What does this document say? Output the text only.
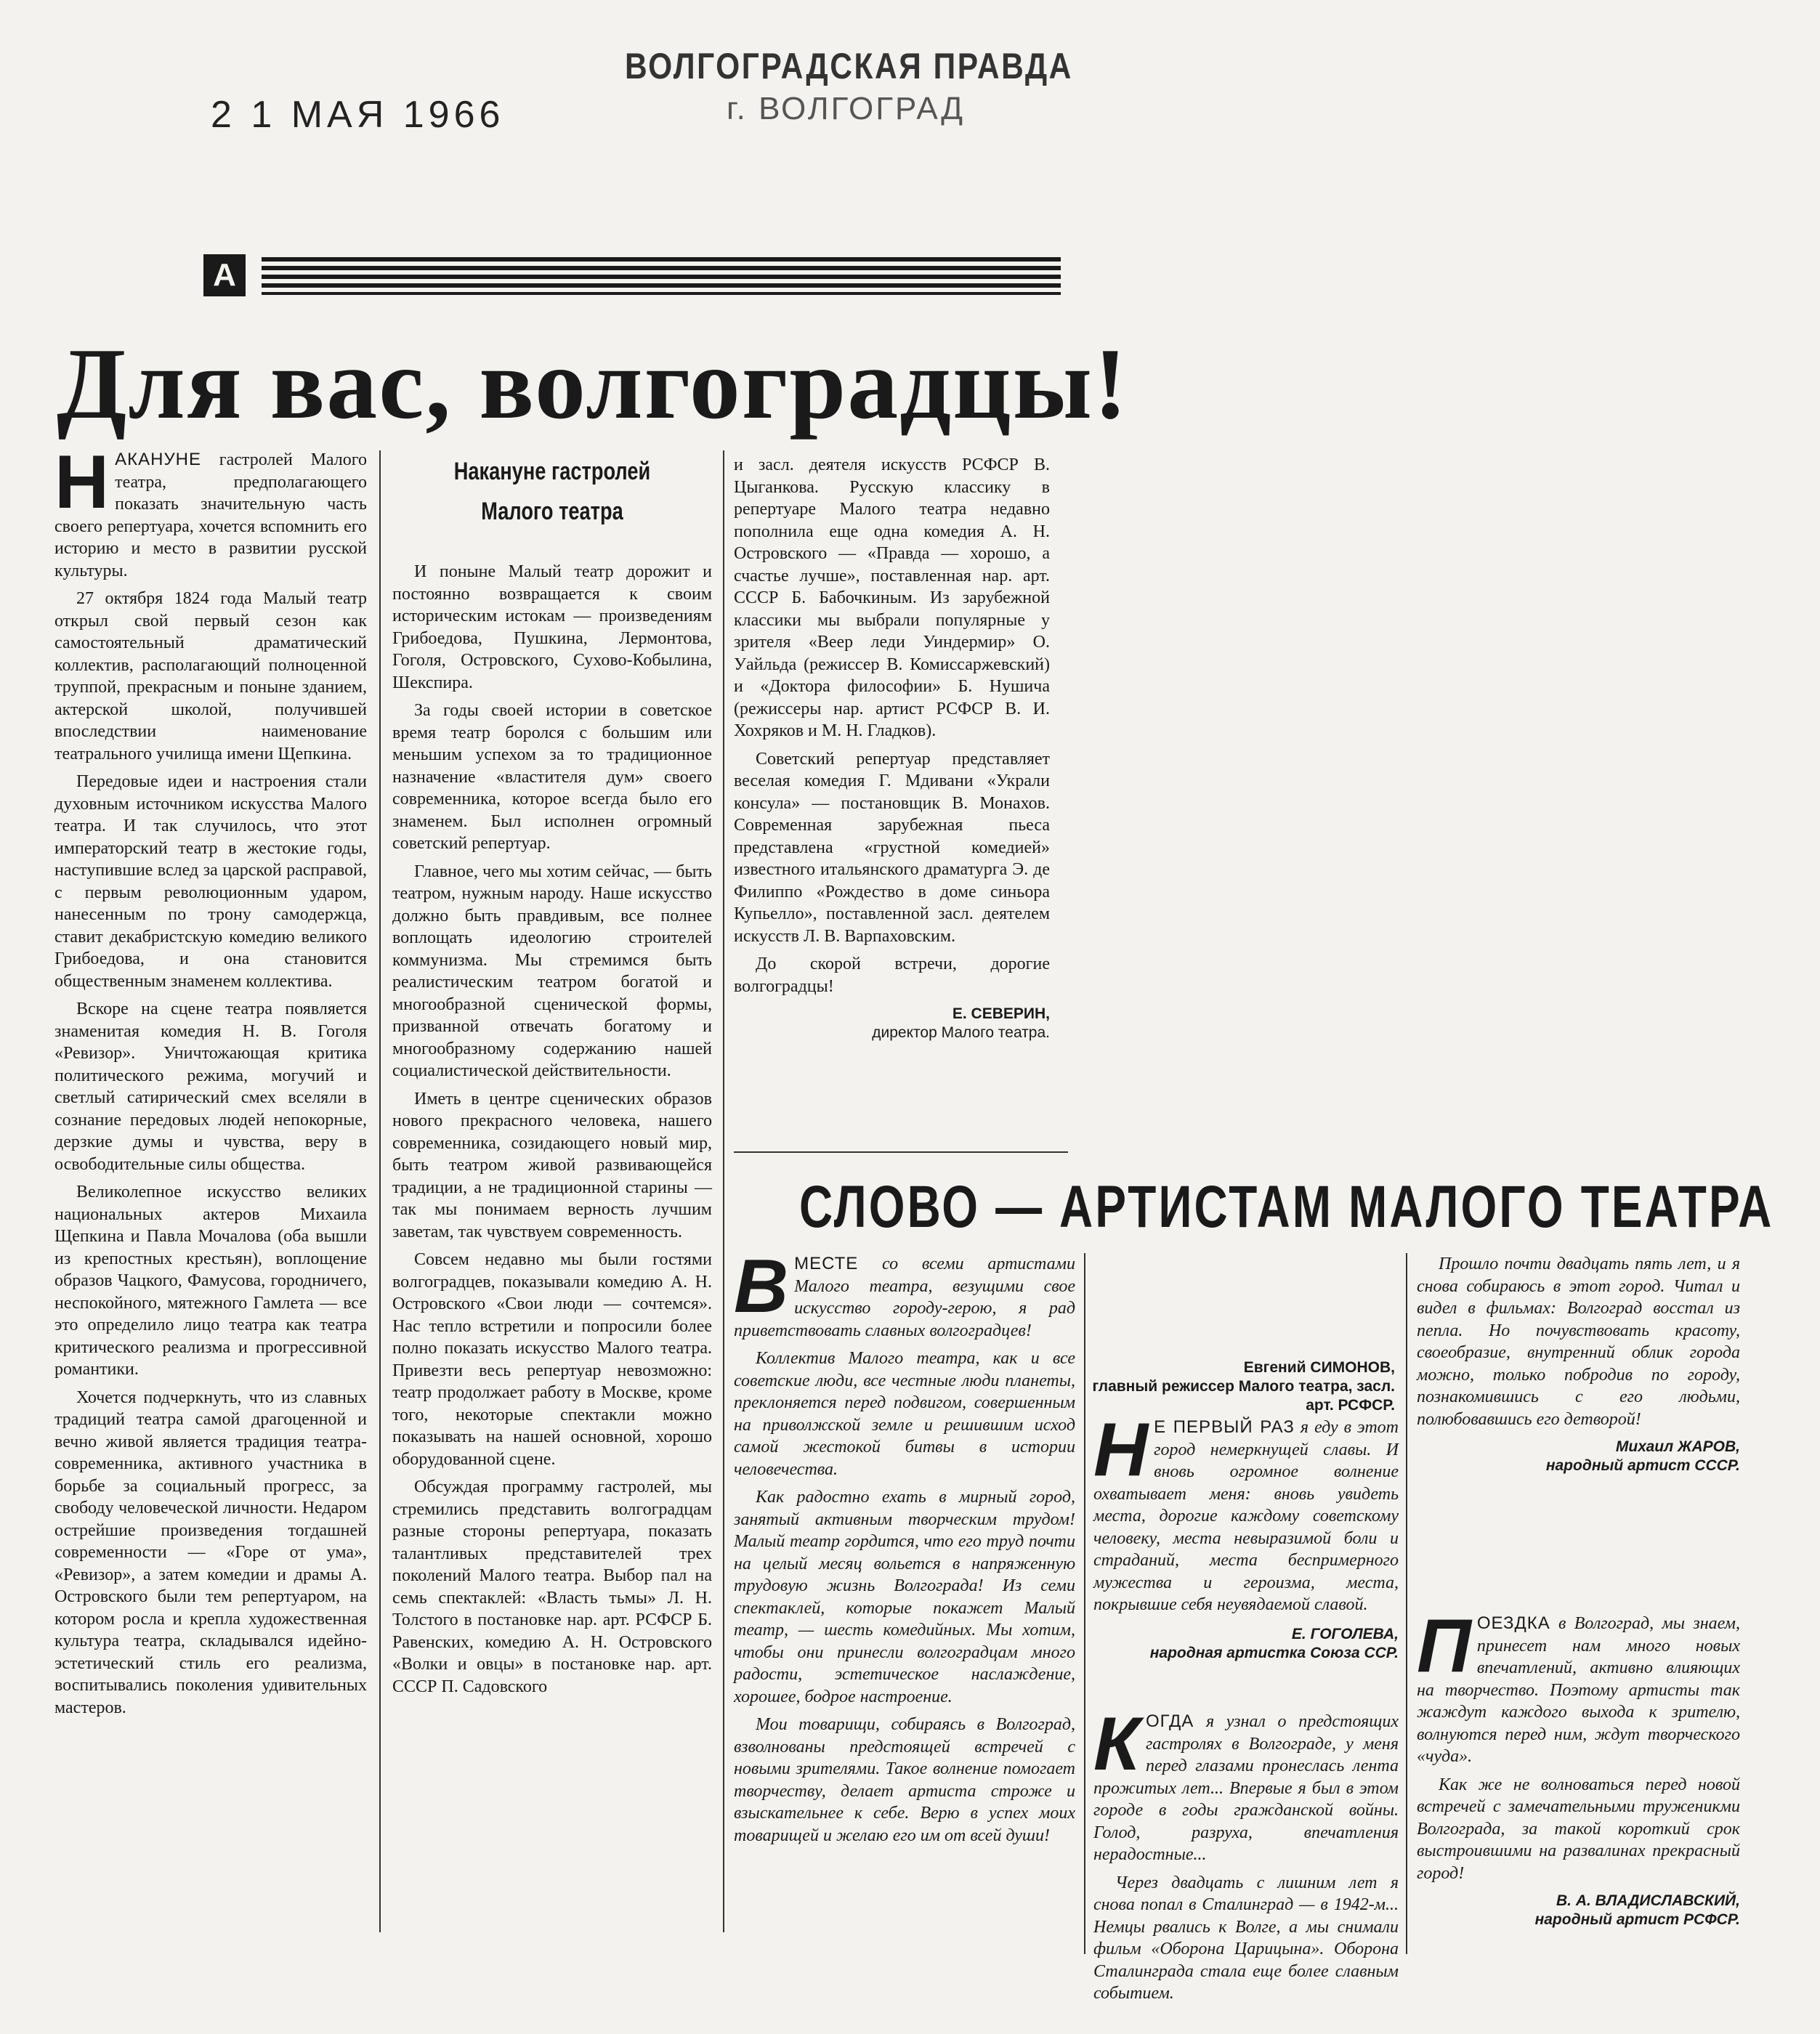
2 1 МАЯ 1966
ВОЛГОГРАДСКАЯ ПРАВДА
г. ВОЛГОГРАД
А
Для вас, волгоградцы!

НАКАНУНЕ гастролей Малого театра, предполагающего показать значительную часть своего репертуара, хочется вспомнить его историю и место в развитии русской культуры.

27 октября 1824 года Малый театр открыл свой первый сезон как самостоятельный драматический коллектив, располагающий полноценной труппой, прекрасным и поныне зданием, актерской школой, получившей впоследствии наименование театрального училища имени Щепкина.

Передовые идеи и настроения стали духовным источником искусства Малого театра. И так случилось, что этот императорский театр в жестокие годы, наступившие вслед за царской расправой, с первым революционным ударом, нанесенным по трону самодержца, ставит декабристскую комедию великого Грибоедова, и она становится общественным знаменем коллектива.

Вскоре на сцене театра появляется знаменитая комедия Н. В. Гоголя «Ревизор». Уничтожающая критика политического режима, могучий и светлый сатирический смех вселяли в сознание передовых людей непокорные, дерзкие думы и чувства, веру в освободительные силы общества.

Великолепное искусство великих национальных актеров Михаила Щепкина и Павла Мочалова (оба вышли из крепостных крестьян), воплощение образов Чацкого, Фамусова, городничего, неспокойного, мятежного Гамлета — все это определило лицо театра как театра критического реализма и прогрессивной романтики.

Хочется подчеркнуть, что из славных традиций театра самой драгоценной и вечно живой является традиция театра-современника, активного участника в борьбе за социальный прогресс, за свободу человеческой личности. Недаром острейшие произведения тогдашней современности — «Горе от ума», «Ревизор», а затем комедии и драмы А. Островского были тем репертуаром, на котором росла и крепла художественная культура театра, складывался идейно-эстетический стиль его реализма, воспитывались поколения удивительных мастеров.

Накануне гастролей
Малого театра

И поныне Малый театр дорожит и постоянно возвращается к своим историческим истокам — произведениям Грибоедова, Пушкина, Лермонтова, Гоголя, Островского, Сухово-Кобылина, Шекспира.

За годы своей истории в советское время театр боролся с большим или меньшим успехом за то традиционное назначение «властителя дум» своего современника, которое всегда было его знаменем. Был исполнен огромный советский репертуар.

Главное, чего мы хотим сейчас, — быть театром, нужным народу. Наше искусство должно быть правдивым, все полнее воплощать идеологию строителей коммунизма. Мы стремимся быть реалистическим театром богатой и многообразной сценической формы, призванной отвечать богатому и многообразному содержанию нашей социалистической действительности.

Иметь в центре сценических образов нового прекрасного человека, нашего современника, созидающего новый мир, быть театром живой развивающейся традиции, а не традиционной старины — так мы понимаем верность лучшим заветам, так чувствуем современность.

Совсем недавно мы были гостями волгоградцев, показывали комедию А. Н. Островского «Свои люди — сочтемся». Нас тепло встретили и попросили более полно показать искусство Малого театра. Привезти весь репертуар невозможно: театр продолжает работу в Москве, кроме того, некоторые спектакли можно показывать на нашей основной, хорошо оборудованной сцене.

Обсуждая программу гастролей, мы стремились представить волгоградцам разные стороны репертуара, показать талантливых представителей трех поколений Малого театра. Выбор пал на семь спектаклей: «Власть тьмы» Л. Н. Толстого в постановке нар. арт. РСФСР Б. Равенских, комедию А. Н. Островского «Волки и овцы» в постановке нар. арт. СССР П. Садовского

и засл. деятеля искусств РСФСР В. Цыганкова. Русскую классику в репертуаре Малого театра недавно пополнила еще одна комедия А. Н. Островского — «Правда — хорошо, а счастье лучше», поставленная нар. арт. СССР Б. Бабочкиным. Из зарубежной классики мы выбрали популярные у зрителя «Веер леди Уиндермир» О. Уайльда (режиссер В. Комиссаржевский) и «Доктора философии» Б. Нушича (режиссеры нар. артист РСФСР В. И. Хохряков и М. Н. Гладков).

Советский репертуар представляет веселая комедия Г. Мдивани «Украли консула» — постановщик В. Монахов. Современная зарубежная пьеса представлена «грустной комедией» известного итальянского драматурга Э. де Филиппо «Рождество в доме синьора Купьелло», поставленной засл. деятелем искусств Л. В. Варпаховским.

До скорой встречи, дорогие волгоградцы!

Е. СЕВЕРИН,
директор Малого театра.
СЛОВО — АРТИСТАМ МАЛОГО ТЕАТРА

ВМЕСТЕ со всеми артистами Малого театра, везущими свое искусство городу-герою, я рад приветствовать славных волгоградцев!

Коллектив Малого театра, как и все советские люди, все честные люди планеты, преклоняется перед подвигом, совершенным на приволжской земле и решившим исход самой жестокой битвы в истории человечества.

Как радостно ехать в мирный город, занятый активным творческим трудом! Малый театр гордится, что его труд почти на целый месяц вольется в напряженную трудовую жизнь Волгограда! Из семи спектаклей, которые покажет Малый театр, — шесть комедийных. Мы хотим, чтобы они принесли волгоградцам много радости, эстетическое наслаждение, хорошее, бодрое настроение.

Мои товарищи, собираясь в Волгоград, взволнованы предстоящей встречей с новыми зрителями. Такое волнение помогает творчеству, делает артиста строже и взыскательнее к себе. Верю в успех моих товарищей и желаю его им от всей души!

Евгений СИМОНОВ,
главный режиссер Малого театра, засл. арт. РСФСР.

Н Е ПЕРВЫЙ РАЗ я еду в этот город немеркнущей славы. И вновь огромное волнение охватывает меня: вновь увидеть места, дорогие каждому советскому человеку, места невыразимой боли и страданий, места беспримерного мужества и героизма, места, покрывшие себя неувядаемой славой.

Е. ГОГОЛЕВА,
народная артистка Союза ССР.

КОГДА я узнал о предстоящих гастролях в Волгограде, у меня перед глазами пронеслась лента прожитых лет... Впервые я был в этом городе в годы гражданской войны. Голод, разруха, впечатления нерадостные...

Через двадцать с лишним лет я снова попал в Сталинград — в 1942-м... Немцы рвались к Волге, а мы снимали фильм «Оборона Царицына». Оборона Сталинграда стала еще более славным событием.

Прошло почти двадцать пять лет, и я снова собираюсь в этот город. Читал и видел в фильмах: Волгоград восстал из пепла. Но почувствовать красоту, своеобразие, внутренний облик города можно, только побродив по городу, познакомившись с его людьми, полюбовавшись его детворой!

Михаил ЖАРОВ,
народный артист СССР.

ПОЕЗДКА в Волгоград, мы знаем, принесет нам много новых впечатлений, активно влияющих на творчество. Поэтому артисты так жаждут каждого выхода к зрителю, волнуются перед ним, ждут творческого «чуда».

Как же не волноваться перед новой встречей с замечательными труженикми Волгограда, за такой короткий срок выстроившими на развалинах прекрасный город!

В. А. ВЛАДИСЛАВСКИЙ,
народный артист РСФСР.
